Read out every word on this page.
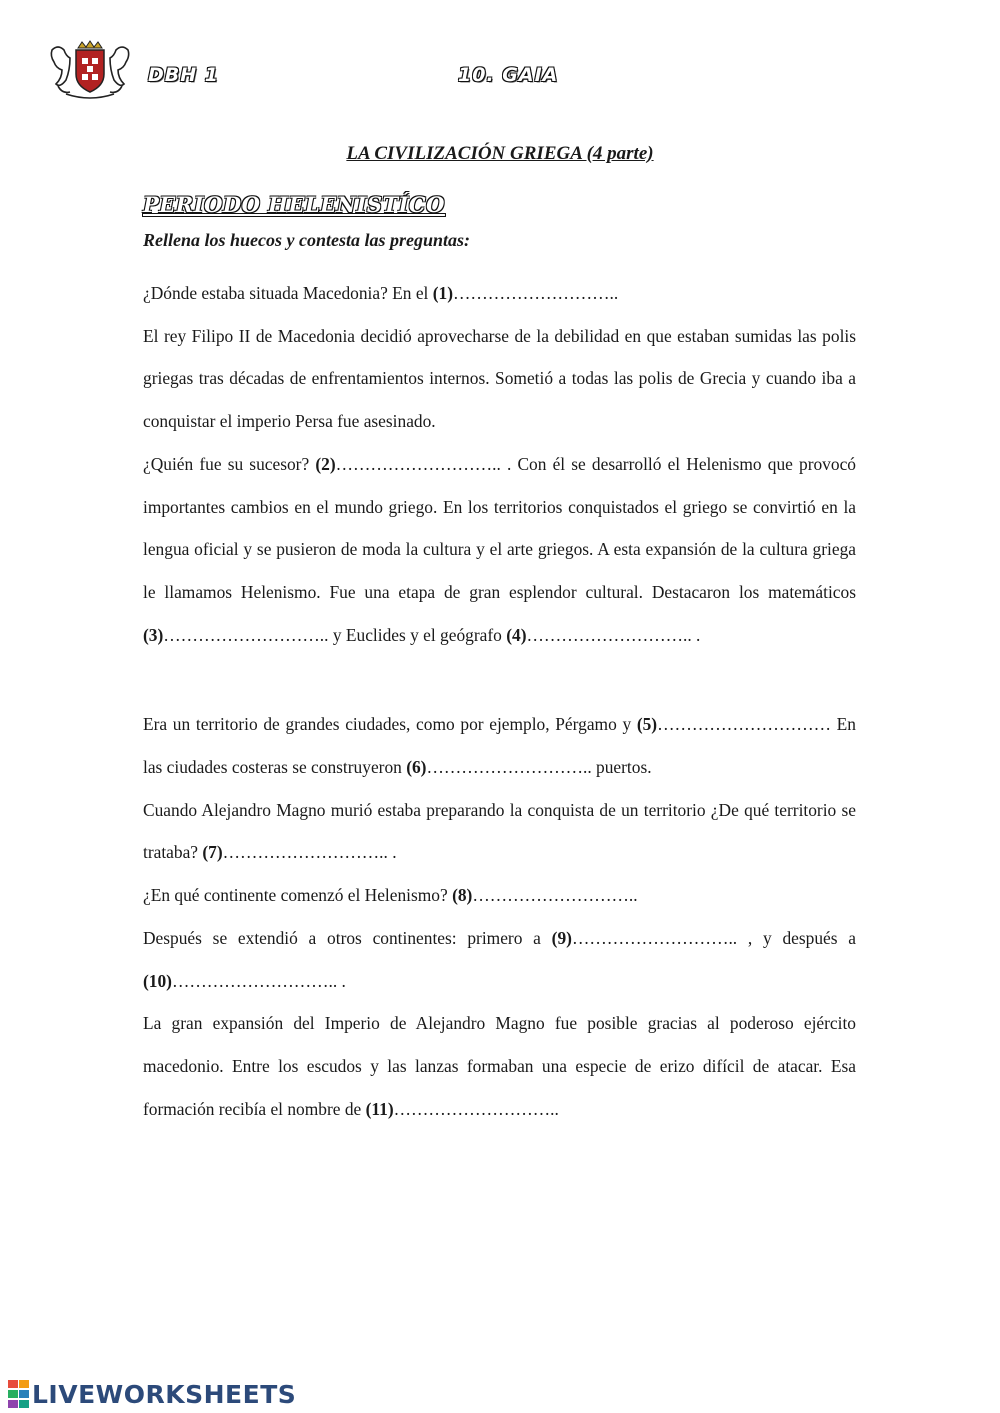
DBH 1	10. GAIA
LA CIVILIZACIÓN GRIEGA (4 parte)
PERIODO HELENISTÍCO
Rellena los huecos y contesta las preguntas:

¿Dónde estaba situada Macedonia? En el (1)………………………..

El rey Filipo II de Macedonia decidió aprovecharse de la debilidad en que estaban sumidas las polis griegas tras décadas de enfrentamientos internos. Sometió a todas las polis de Grecia y cuando iba a conquistar el imperio Persa fue asesinado.

¿Quién fue su sucesor? (2)……………………….. . Con él se desarrolló el Helenismo que provocó importantes cambios en el mundo griego. En los territorios conquistados el griego se convirtió en la lengua oficial y se pusieron de moda la cultura y el arte griegos. A esta expansión de la cultura griega le llamamos Helenismo. Fue una etapa de gran esplendor cultural. Destacaron los matemáticos (3)……………………….. y Euclides y el geógrafo (4)……………………….. .

Era un territorio de grandes ciudades, como por ejemplo, Pérgamo y (5)………………………… En las ciudades costeras se construyeron (6)……………………….. puertos.

Cuando Alejandro Magno murió estaba preparando la conquista de un territorio ¿De qué territorio se trataba? (7)……………………….. .

¿En qué continente comenzó el Helenismo? (8)………………………..

Después se extendió a otros continentes: primero a (9)……………………….. , y después a (10)……………………….. .

La gran expansión del Imperio de Alejandro Magno fue posible gracias al poderoso ejército macedonio. Entre los escudos y las lanzas formaban una especie de erizo difícil de atacar. Esa formación recibía el nombre de (11)………………………..

LIVEWORKSHEETS
